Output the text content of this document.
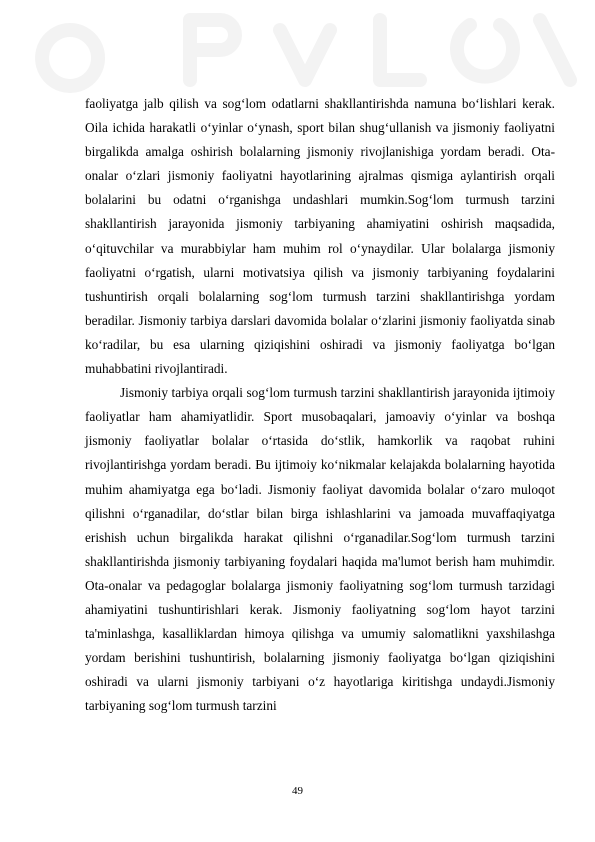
faoliyatga jalb qilish va sog‘lom odatlarni shakllantirishda namuna bo‘lishlari kerak. Oila ichida harakatli o‘yinlar o‘ynash, sport bilan shug‘ullanish va jismoniy faoliyatni birgalikda amalga oshirish bolalarning jismoniy rivojlanishiga yordam beradi. Ota-onalar o‘zlari jismoniy faoliyatni hayotlarining ajralmas qismiga aylantirish orqali bolalarini bu odatni o‘rganishga undashlari mumkin.Sog‘lom turmush tarzini shakllantirish jarayonida jismoniy tarbiyaning ahamiyatini oshirish maqsadida, o‘qituvchilar va murabbiylar ham muhim rol o‘ynaydilar. Ular bolalarga jismoniy faoliyatni o‘rgatish, ularni motivatsiya qilish va jismoniy tarbiyaning foydalarini tushuntirish orqali bolalarning sog‘lom turmush tarzini shakllantirishga yordam beradilar. Jismoniy tarbiya darslari davomida bolalar o‘zlarini jismoniy faoliyatda sinab ko‘radilar, bu esa ularning qiziqishini oshiradi va jismoniy faoliyatga bo‘lgan muhabbatini rivojlantiradi.

Jismoniy tarbiya orqali sog‘lom turmush tarzini shakllantirish jarayonida ijtimoiy faoliyatlar ham ahamiyatlidir. Sport musobaqalari, jamoaviy o‘yinlar va boshqa jismoniy faoliyatlar bolalar o‘rtasida do‘stlik, hamkorlik va raqobat ruhini rivojlantirishga yordam beradi. Bu ijtimoiy ko‘nikmalar kelajakda bolalarning hayotida muhim ahamiyatga ega bo‘ladi. Jismoniy faoliyat davomida bolalar o‘zaro muloqot qilishni o‘rganadilar, do‘stlar bilan birga ishlashlarini va jamoada muvaffaqiyatga erishish uchun birgalikda harakat qilishni o‘rganadilar.Sog‘lom turmush tarzini shakllantirishda jismoniy tarbiyaning foydalari haqida ma'lumot berish ham muhimdir. Ota-onalar va pedagoglar bolalarga jismoniy faoliyatning sog‘lom turmush tarzidagi ahamiyatini tushuntirishlari kerak. Jismoniy faoliyatning sog‘lom hayot tarzini ta'minlashga, kasalliklardan himoya qilishga va umumiy salomatlikni yaxshilashga yordam berishini tushuntirish, bolalarning jismoniy faoliyatga bo‘lgan qiziqishini oshiradi va ularni jismoniy tarbiyani o‘z hayotlariga kiritishga undaydi.Jismoniy tarbiyaning sog‘lom turmush tarzini

49
